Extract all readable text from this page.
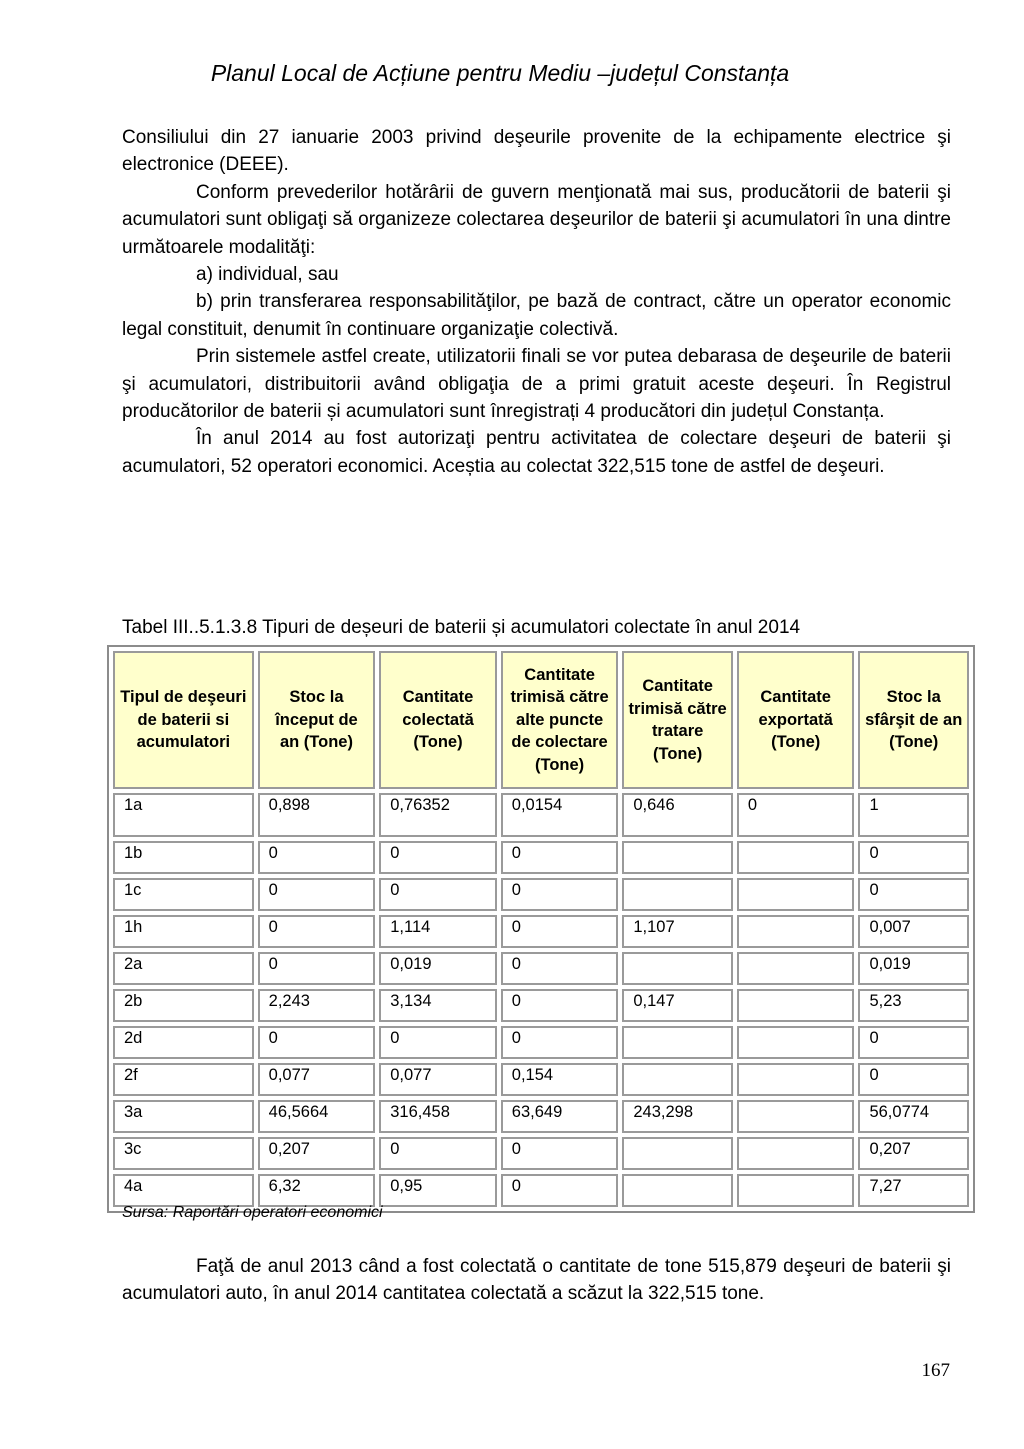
Planul Local de Acțiune pentru Mediu –județul Constanța

Consiliului din 27 ianuarie 2003 privind deşeurile provenite de la echipamente electrice şi electronice (DEEE).

Conform prevederilor hotărârii de guvern menţionată mai sus, producătorii de baterii şi acumulatori sunt obligaţi să organizeze colectarea deşeurilor de baterii şi acumulatori în una dintre următoarele modalităţi:

a) individual, sau

b) prin transferarea responsabilităţilor, pe bază de contract, către un operator economic legal constituit, denumit în continuare organizaţie colectivă.

Prin sistemele astfel create, utilizatorii finali se vor putea debarasa de deşeurile de baterii şi acumulatori, distribuitorii având obligaţia de a primi gratuit aceste deşeuri. În Registrul producătorilor de baterii și acumulatori sunt înregistrați 4 producători din județul Constanța.

În anul 2014 au fost autorizaţi pentru activitatea de colectare deşeuri de baterii şi acumulatori, 52 operatori economici. Aceștia au colectat 322,515 tone de astfel de deşeuri.

Tabel III..5.1.3.8 Tipuri de deșeuri de baterii și acumulatori colectate în anul 2014
Tipul de deşeuri de baterii si acumulatori	Stoc la început de an (Tone)	Cantitate colectată (Tone)	Cantitate trimisă către alte puncte de colectare (Tone)	Cantitate trimisă către tratare (Tone)	Cantitate exportată (Tone)	Stoc la sfârşit de an (Tone)
1a	0,898	0,76352	0,0154	0,646	0	1
1b	0	0	0			0
1c	0	0	0			0
1h	0	1,114	0	1,107		0,007
2a	0	0,019	0			0,019
2b	2,243	3,134	0	0,147		5,23
2d	0	0	0			0
2f	0,077	0,077	0,154			0
3a	46,5664	316,458	63,649	243,298		56,0774
3c	0,207	0	0			0,207
4a	6,32	0,95	0			7,27
Sursa: Raportări operatori economici

Faţă de anul 2013 când a fost colectată o cantitate de tone 515,879 deşeuri de baterii şi acumulatori auto, în anul 2014 cantitatea colectată a scăzut la 322,515 tone.

167
